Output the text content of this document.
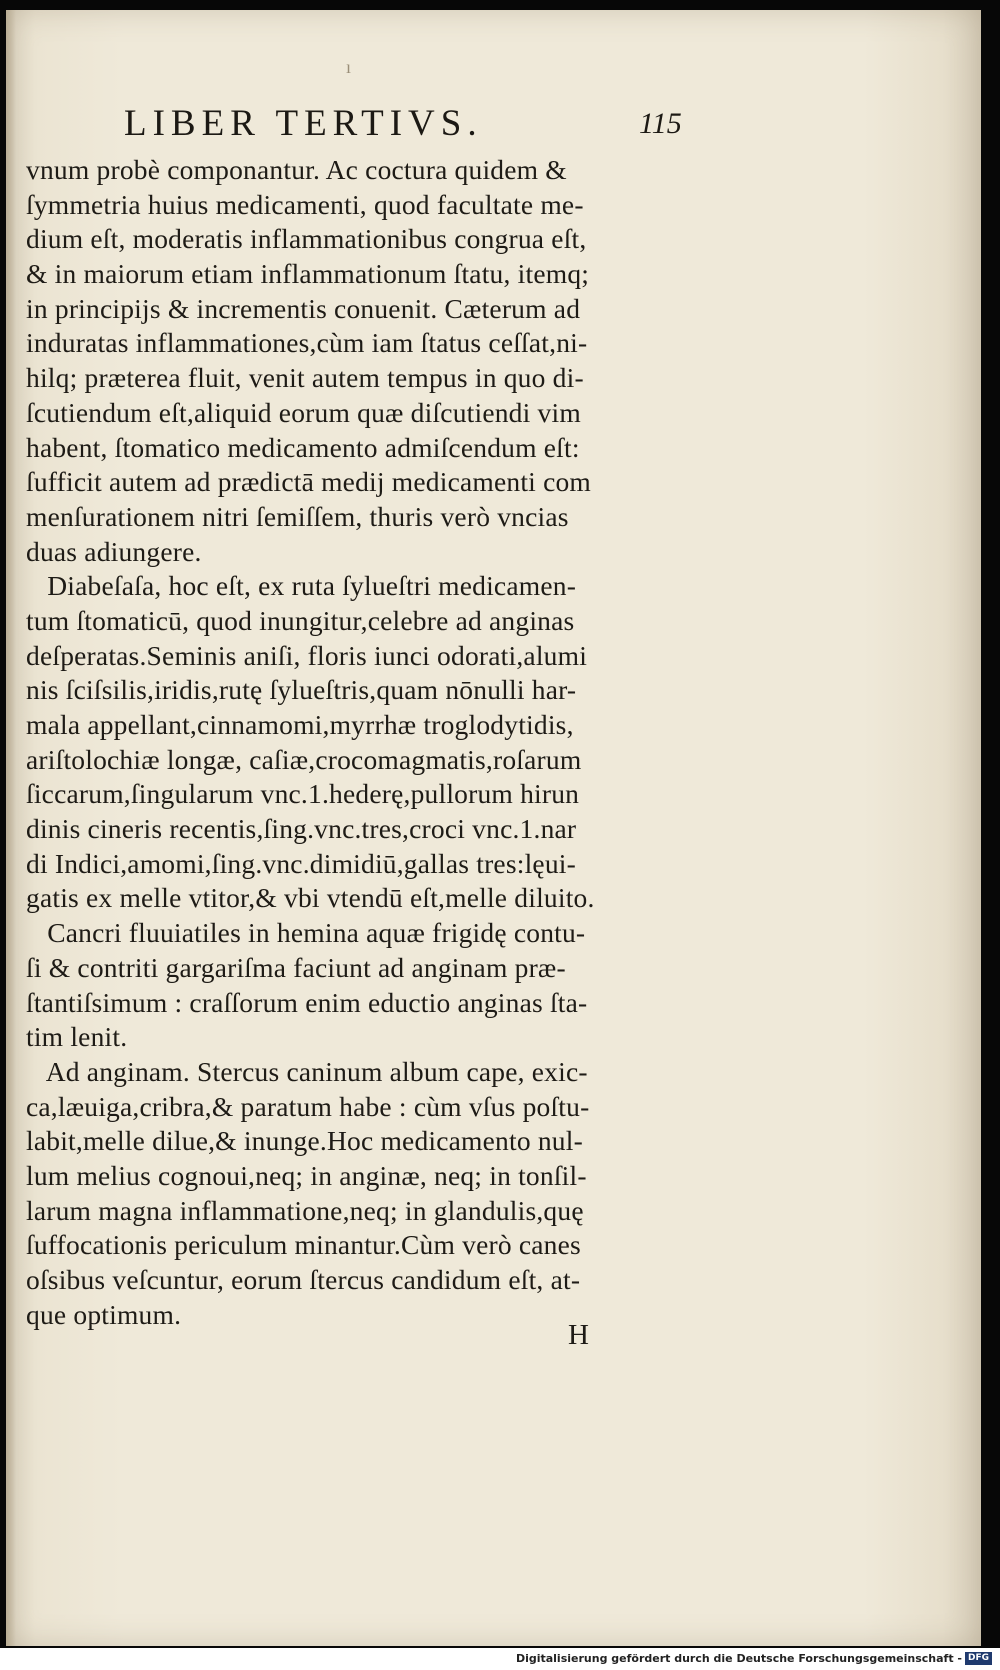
ı
LIBER TERTIVS.	115
vnum probè componantur. Ac coctura quidem &
ſymmetria huius medicamenti, quod facultate me-
dium eſt, moderatis inflammationibus congrua eſt,
& in maiorum etiam inflammationum ſtatu, itemq;
in principijs & incrementis conuenit. Cæterum ad
induratas inflammationes,cùm iam ſtatus ceſſat,ni-
hilq; præterea fluit, venit autem tempus in quo di-
ſcutiendum eſt,aliquid eorum quæ diſcutiendi vim
habent, ſtomatico medicamento admiſcendum eſt:
ſufficit autem ad prædictā medij medicamenti com
menſurationem nitri ſemiſſem, thuris verò vncias
duas adiungere.
Diabeſaſa, hoc eſt, ex ruta ſylueſtri medicamen-
tum ſtomaticū, quod inungitur,celebre ad anginas
deſperatas.Seminis aniſi, floris iunci odorati,alumi
nis ſciſsilis,iridis,rutę ſylueſtris,quam nōnulli har-
mala appellant,cinnamomi,myrrhæ troglodytidis,
ariſtolochiæ longæ, caſiæ,crocomagmatis,roſarum
ſiccarum,ſingularum vnc.1.hederę,pullorum hirun
dinis cineris recentis,ſing.vnc.tres,croci vnc.1.nar
di Indici,amomi,ſing.vnc.dimidiū,gallas tres:lęui-
gatis ex melle vtitor,& vbi vtendū eſt,melle diluito.
Cancri fluuiatiles in hemina aquæ frigidę contu-
ſi & contriti gargariſma faciunt ad anginam præ-
ſtantiſsimum : craſſorum enim eductio anginas ſta-
tim lenit.
Ad anginam. Stercus caninum album cape, exic-
ca,læuiga,cribra,& paratum habe : cùm vſus poſtu-
labit,melle dilue,& inunge.Hoc medicamento nul-
lum melius cognoui,neq; in anginæ, neq; in tonſil-
larum magna inflammatione,neq; in glandulis,quę
ſuffocationis periculum minantur.Cùm verò canes
oſsibus veſcuntur, eorum ſtercus candidum eſt, at-
que optimum.
H
Digitalisierung gefördert durch die Deutsche Forschungsgemeinschaft - DFG
